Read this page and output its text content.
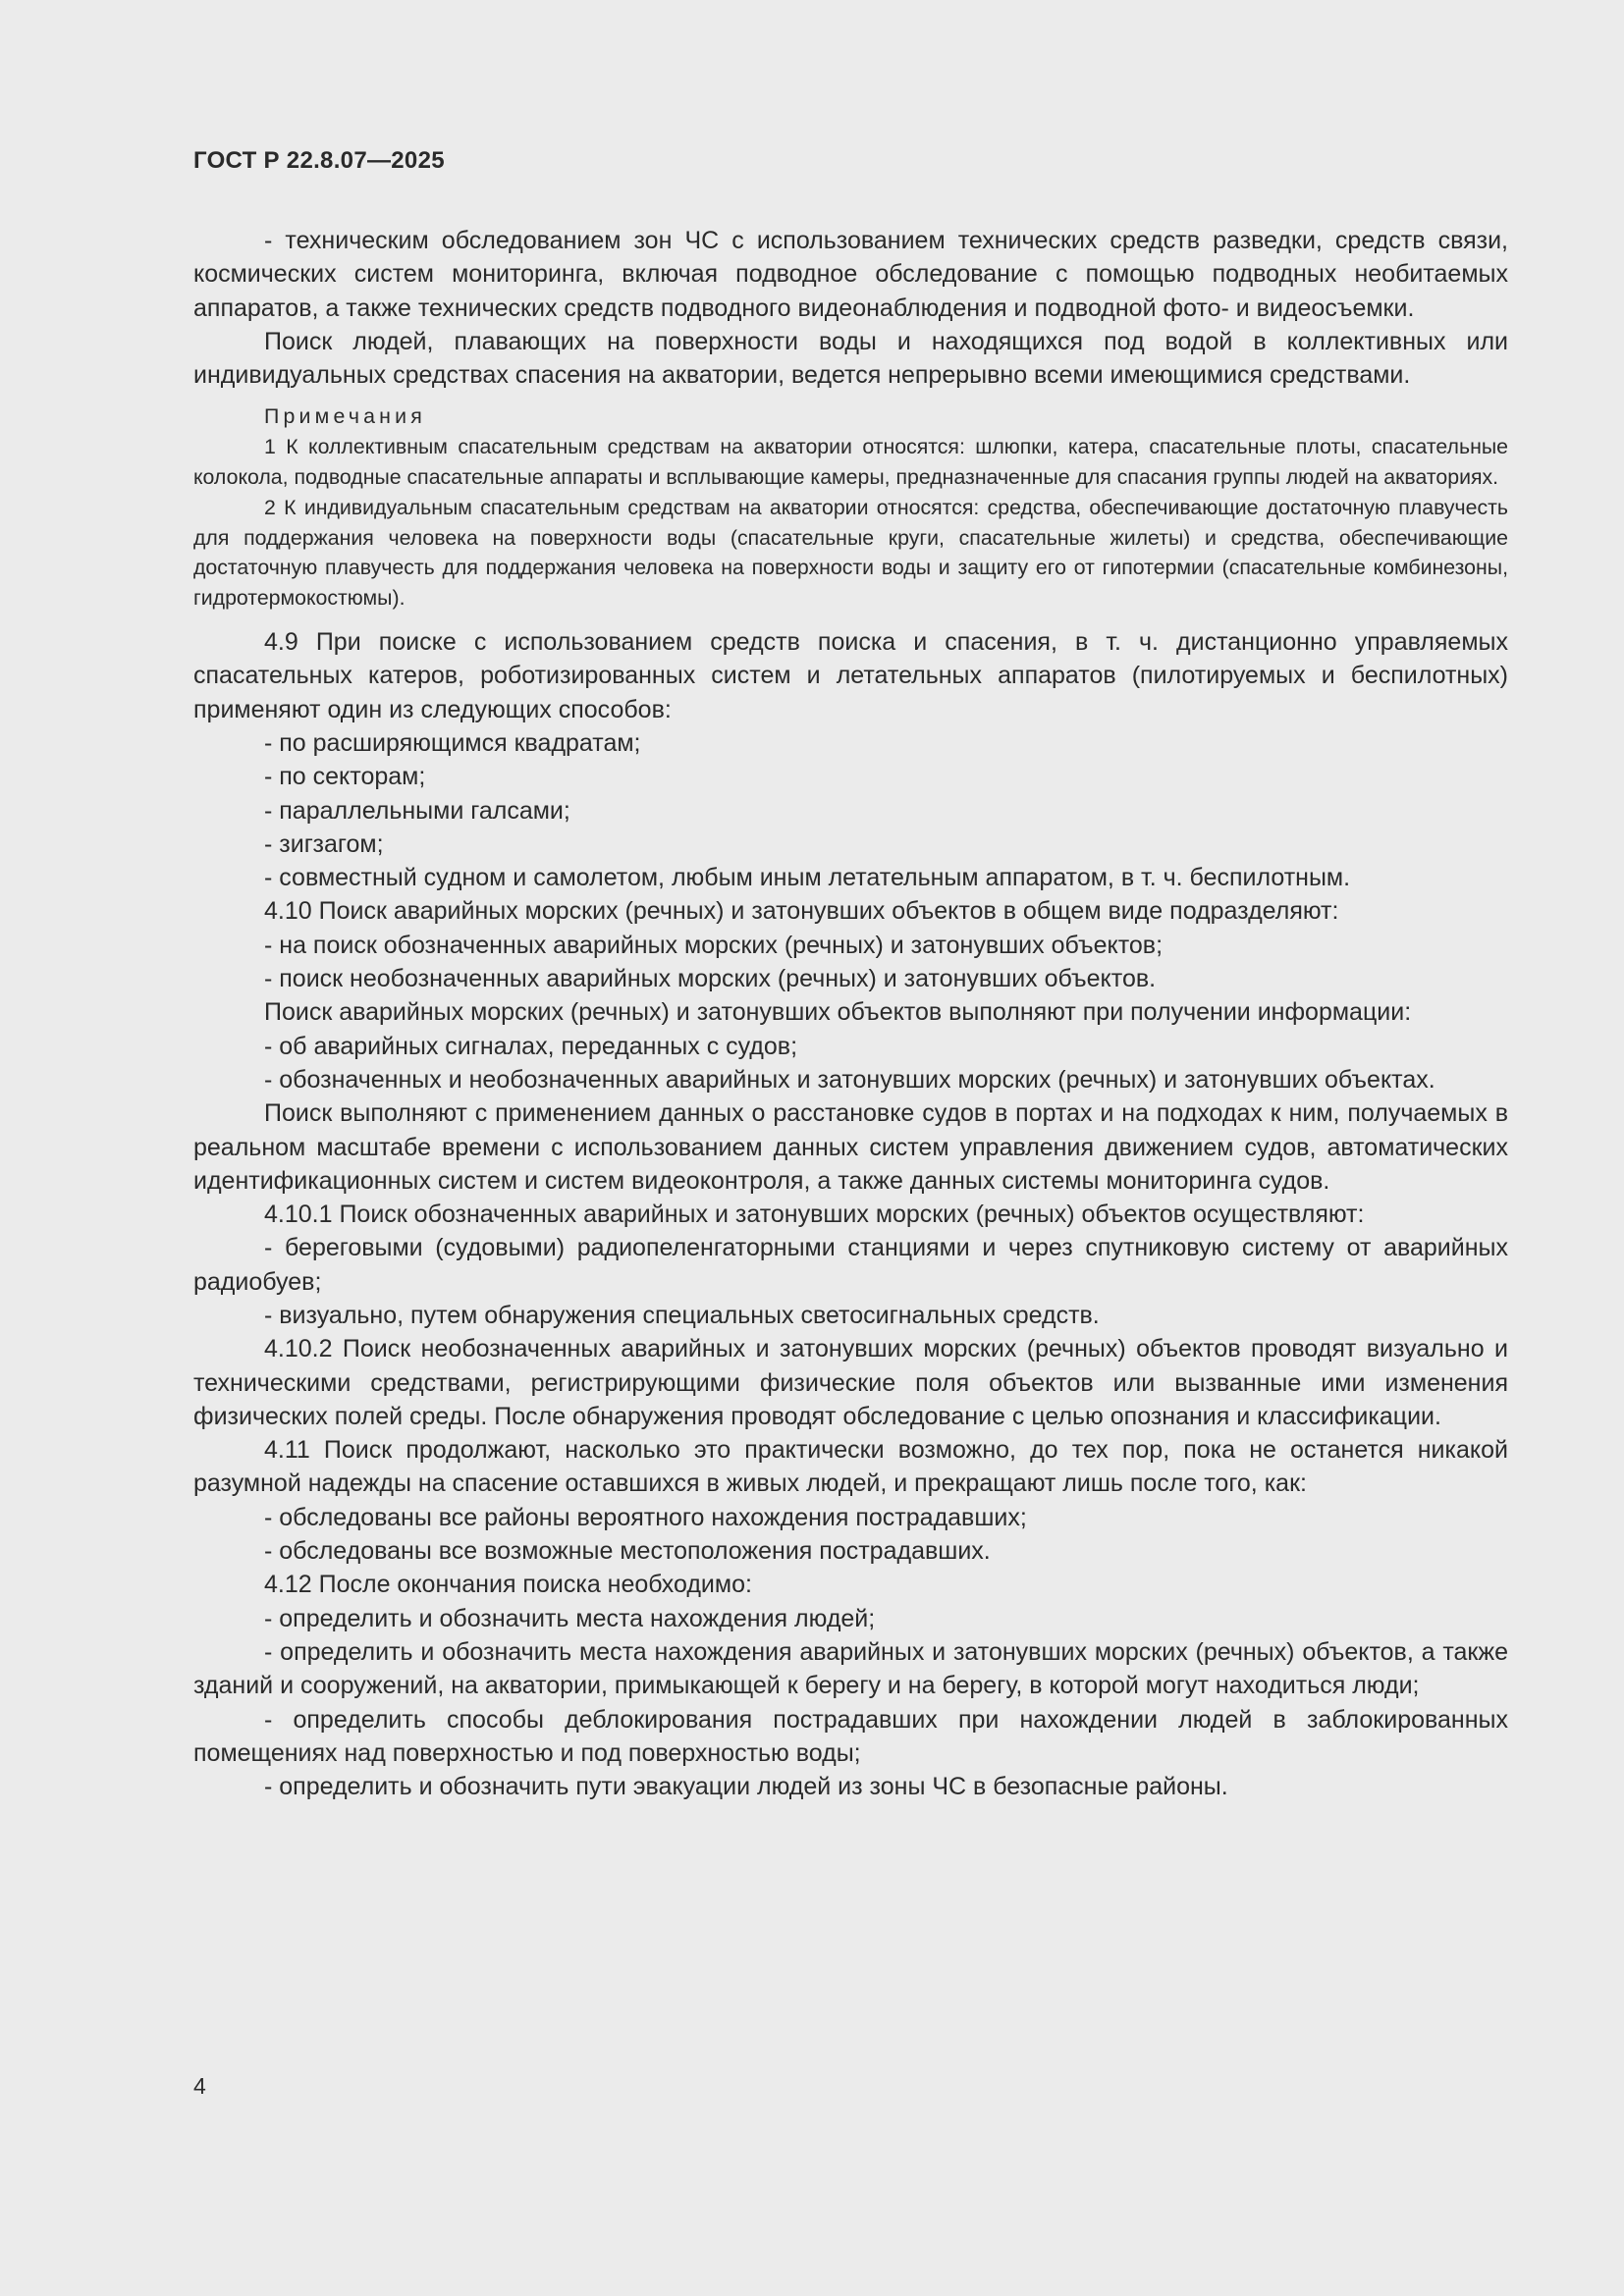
ГОСТ Р 22.8.07—2025

- техническим обследованием зон ЧС с использованием технических средств разведки, средств связи, космических систем мониторинга, включая подводное обследование с помощью подводных необитаемых аппаратов, а также технических средств подводного видеонаблюдения и подводной фото- и видеосъемки.

Поиск людей, плавающих на поверхности воды и находящихся под водой в коллективных или индивидуальных средствах спасения на акватории, ведется непрерывно всеми имеющимися средствами.

Примечания

1 К коллективным спасательным средствам на акватории относятся: шлюпки, катера, спасательные плоты, спасательные колокола, подводные спасательные аппараты и всплывающие камеры, предназначенные для спасания группы людей на акваториях.

2 К индивидуальным спасательным средствам на акватории относятся: средства, обеспечивающие достаточную плавучесть для поддержания человека на поверхности воды (спасательные круги, спасательные жилеты) и средства, обеспечивающие достаточную плавучесть для поддержания человека на поверхности воды и защиту его от гипотермии (спасательные комбинезоны, гидротермокостюмы).

4.9 При поиске с использованием средств поиска и спасения, в т. ч. дистанционно управляемых спасательных катеров, роботизированных систем и летательных аппаратов (пилотируемых и беспилотных) применяют один из следующих способов:

- по расширяющимся квадратам;

- по секторам;

- параллельными галсами;

- зигзагом;

- совместный судном и самолетом, любым иным летательным аппаратом, в т. ч. беспилотным.

4.10 Поиск аварийных морских (речных) и затонувших объектов в общем виде подразделяют:

- на поиск обозначенных аварийных морских (речных) и затонувших объектов;

- поиск необозначенных аварийных морских (речных) и затонувших объектов.

Поиск аварийных морских (речных) и затонувших объектов выполняют при получении информации:

- об аварийных сигналах, переданных с судов;

- обозначенных и необозначенных аварийных и затонувших морских (речных) и затонувших объектах.

Поиск выполняют с применением данных о расстановке судов в портах и на подходах к ним, получаемых в реальном масштабе времени с использованием данных систем управления движением судов, автоматических идентификационных систем и систем видеоконтроля, а также данных системы мониторинга судов.

4.10.1 Поиск обозначенных аварийных и затонувших морских (речных) объектов осуществляют:

- береговыми (судовыми) радиопеленгаторными станциями и через спутниковую систему от аварийных радиобуев;

- визуально, путем обнаружения специальных светосигнальных средств.

4.10.2 Поиск необозначенных аварийных и затонувших морских (речных) объектов проводят визуально и техническими средствами, регистрирующими физические поля объектов или вызванные ими изменения физических полей среды. После обнаружения проводят обследование с целью опознания и классификации.

4.11 Поиск продолжают, насколько это практически возможно, до тех пор, пока не останется никакой разумной надежды на спасение оставшихся в живых людей, и прекращают лишь после того, как:

- обследованы все районы вероятного нахождения пострадавших;

- обследованы все возможные местоположения пострадавших.

4.12 После окончания поиска необходимо:

- определить и обозначить места нахождения людей;

- определить и обозначить места нахождения аварийных и затонувших морских (речных) объектов, а также зданий и сооружений, на акватории, примыкающей к берегу и на берегу, в которой могут находиться люди;

- определить способы деблокирования пострадавших при нахождении людей в заблокированных помещениях над поверхностью и под поверхностью воды;

- определить и обозначить пути эвакуации людей из зоны ЧС в безопасные районы.

4
